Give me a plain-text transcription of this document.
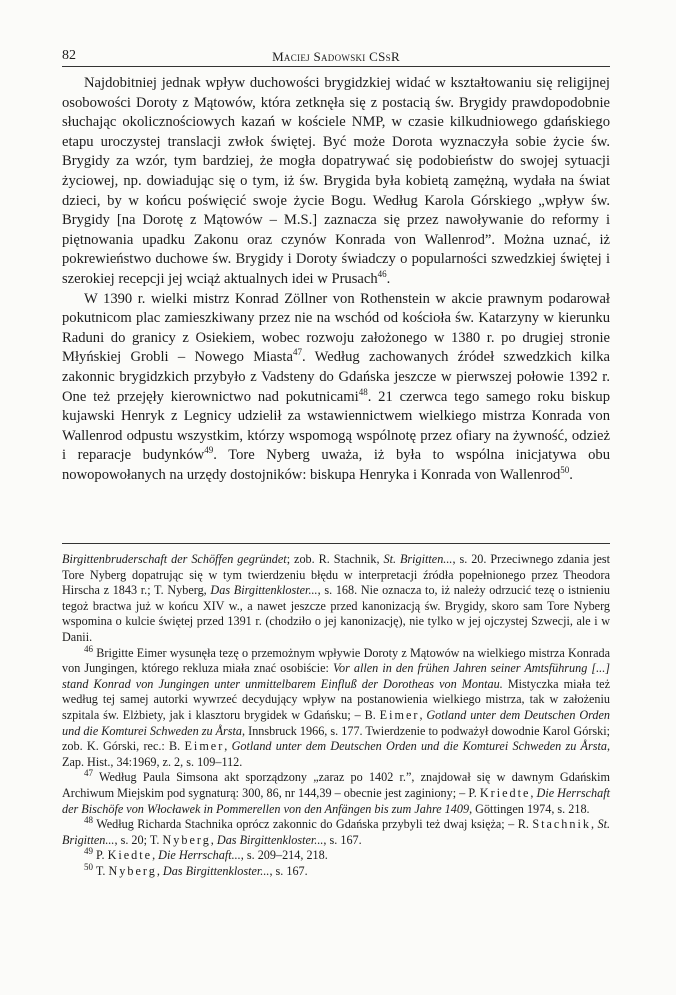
82	Maciej Sadowski CSsR

Najdobitniej jednak wpływ duchowości brygidzkiej widać w kształtowaniu się religijnej osobowości Doroty z Mątowów, która zetknęła się z postacią św. Brygidy prawdopodobnie słuchając okolicznościowych kazań w kościele NMP, w czasie kilkudniowego gdańskiego etapu uroczystej translacji zwłok świętej. Być może Dorota wyznaczyła sobie życie św. Brygidy za wzór, tym bardziej, że mogła dopatrywać się podobieństw do swojej sytuacji życiowej, np. dowiadując się o tym, iż św. Brygida była kobietą zamężną, wydała na świat dzieci, by w końcu poświęcić swoje życie Bogu. Według Karola Górskiego „wpływ św. Brygidy [na Dorotę z Mątowów – M.S.] zaznacza się przez nawoływanie do reformy i piętnowania upadku Zakonu oraz czynów Konrada von Wallenrod”. Można uznać, iż pokrewieństwo duchowe św. Brygidy i Doroty świadczy o popularności szwedzkiej świętej i szerokiej recepcji jej wciąż aktualnych idei w Prusach$^{46}$.

W 1390 r. wielki mistrz Konrad Zöllner von Rothenstein w akcie prawnym podarował pokutnicom plac zamieszkiwany przez nie na wschód od kościoła św. Katarzyny w kierunku Raduni do granicy z Osiekiem, wobec rozwoju założonego w 1380 r. po drugiej stronie Młyńskiej Grobli – Nowego Miasta$^{47}$. Według zachowanych źródeł szwedzkich kilka zakonnic brygidzkich przybyło z Vadsteny do Gdańska jeszcze w pierwszej połowie 1392 r. One też przejęły kierownictwo nad pokutnicami$^{48}$. 21 czerwca tego samego roku biskup kujawski Henryk z Legnicy udzielił za wstawiennictwem wielkiego mistrza Konrada von Wallenrod odpustu wszystkim, którzy wspomogą wspólnotę przez ofiary na żywność, odzież i reparacje budynków$^{49}$. Tore Nyberg uważa, iż była to wspólna inicjatywa obu nowopowołanych na urzędy dostojników: biskupa Henryka i Konrada von Wallenrod$^{50}$.

Birgittenbruderschaft der Schöffen gegründet; zob. R. Stachnik, St. Brigitten..., s. 20. Przeciwnego zdania jest Tore Nyberg dopatrując się w tym twierdzeniu błędu w interpretacji źródła popełnionego przez Theodora Hirscha z 1843 r.; T. Nyberg, Das Birgittenkloster..., s. 168. Nie oznacza to, iż należy odrzucić tezę o istnieniu tegoż bractwa już w końcu XIV w., a nawet jeszcze przed kanonizacją św. Brygidy, skoro sam Tore Nyberg wspomina o kulcie świętej przed 1391 r. (chodziło o jej kanonizację), nie tylko w jej ojczystej Szwecji, ale i w Danii.

$^{46}$ Brigitte Eimer wysunęła tezę o przemożnym wpływie Doroty z Mątowów na wielkiego mistrza Konrada von Jungingen, którego rekluza miała znać osobiście: Vor allen in den frühen Jahren seiner Amtsführung [...] stand Konrad von Jungingen unter unmittelbarem Einfluß der Dorotheas von Montau. Mistyczka miała też według tej samej autorki wywrzeć decydujący wpływ na postanowienia wielkiego mistrza, tak w założeniu szpitala św. Elżbiety, jak i klasztoru brygidek w Gdańsku; – B. Eimer, Gotland unter dem Deutschen Orden und die Komturei Schweden zu Årsta, Innsbruck 1966, s. 177. Twierdzenie to podważył dowodnie Karol Górski; zob. K. Górski, rec.: B. Eimer, Gotland unter dem Deutschen Orden und die Komturei Schweden zu Årsta, Zap. Hist., 34:1969, z. 2, s. 109–112.

$^{47}$ Według Paula Simsona akt sporządzony „zaraz po 1402 r.”, znajdował się w dawnym Gdańskim Archiwum Miejskim pod sygnaturą: 300, 86, nr 144,39 – obecnie jest zaginiony; – P. Kriedte, Die Herrschaft der Bischöfe von Włocławek in Pommerellen von den Anfängen bis zum Jahre 1409, Göttingen 1974, s. 218.

$^{48}$ Według Richarda Stachnika oprócz zakonnic do Gdańska przybyli też dwaj księża; – R. Stachnik, St. Brigitten..., s. 20; T. Nyberg, Das Birgittenkloster..., s. 167.

$^{49}$ P. Kiedte, Die Herrschaft..., s. 209–214, 218.

$^{50}$ T. Nyberg, Das Birgittenkloster..., s. 167.
